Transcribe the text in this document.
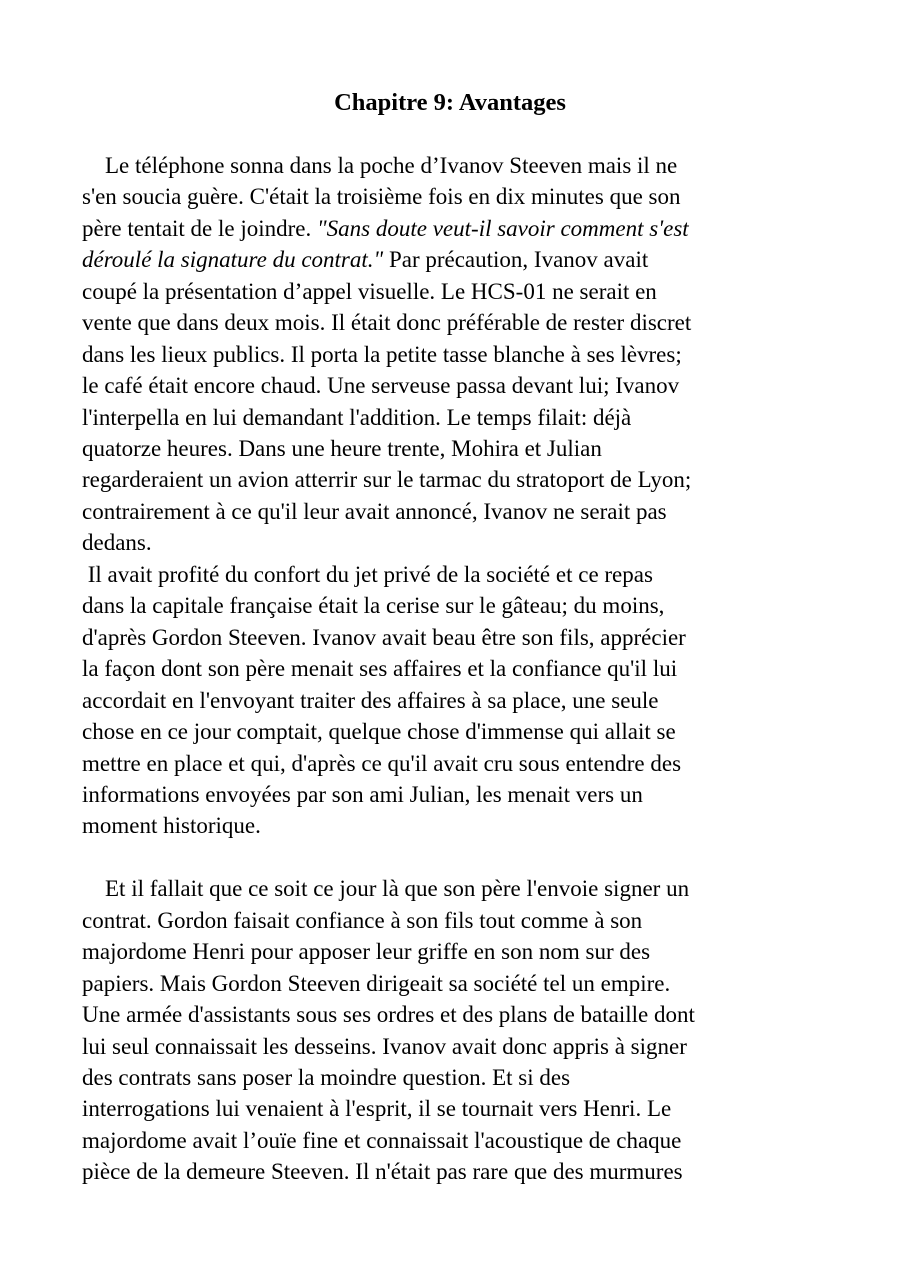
Chapitre 9: Avantages
Le téléphone sonna dans la poche d’Ivanov Steeven mais il ne
s'en soucia guère. C'était la troisième fois en dix minutes que son
père tentait de le joindre. "Sans doute veut-il savoir comment s'est
déroulé la signature du contrat." Par précaution, Ivanov avait
coupé la présentation d’appel visuelle. Le HCS-01 ne serait en
vente que dans deux mois. Il était donc préférable de rester discret
dans les lieux publics. Il porta la petite tasse blanche à ses lèvres;
le café était encore chaud. Une serveuse passa devant lui; Ivanov
l'interpella en lui demandant l'addition. Le temps filait: déjà
quatorze heures. Dans une heure trente, Mohira et Julian
regarderaient un avion atterrir sur le tarmac du stratoport de Lyon;
contrairement à ce qu'il leur avait annoncé, Ivanov ne serait pas
dedans.
Il avait profité du confort du jet privé de la société et ce repas
dans la capitale française était la cerise sur le gâteau; du moins,
d'après Gordon Steeven. Ivanov avait beau être son fils, apprécier
la façon dont son père menait ses affaires et la confiance qu'il lui
accordait en l'envoyant traiter des affaires à sa place, une seule
chose en ce jour comptait, quelque chose d'immense qui allait se
mettre en place et qui, d'après ce qu'il avait cru sous entendre des
informations envoyées par son ami Julian, les menait vers un
moment historique.
Et il fallait que ce soit ce jour là que son père l'envoie signer un
contrat. Gordon faisait confiance à son fils tout comme à son
majordome Henri pour apposer leur griffe en son nom sur des
papiers. Mais Gordon Steeven dirigeait sa société tel un empire.
Une armée d'assistants sous ses ordres et des plans de bataille dont
lui seul connaissait les desseins. Ivanov avait donc appris à signer
des contrats sans poser la moindre question. Et si des
interrogations lui venaient à l'esprit, il se tournait vers Henri. Le
majordome avait l’ouïe fine et connaissait l'acoustique de chaque
pièce de la demeure Steeven. Il n'était pas rare que des murmures
